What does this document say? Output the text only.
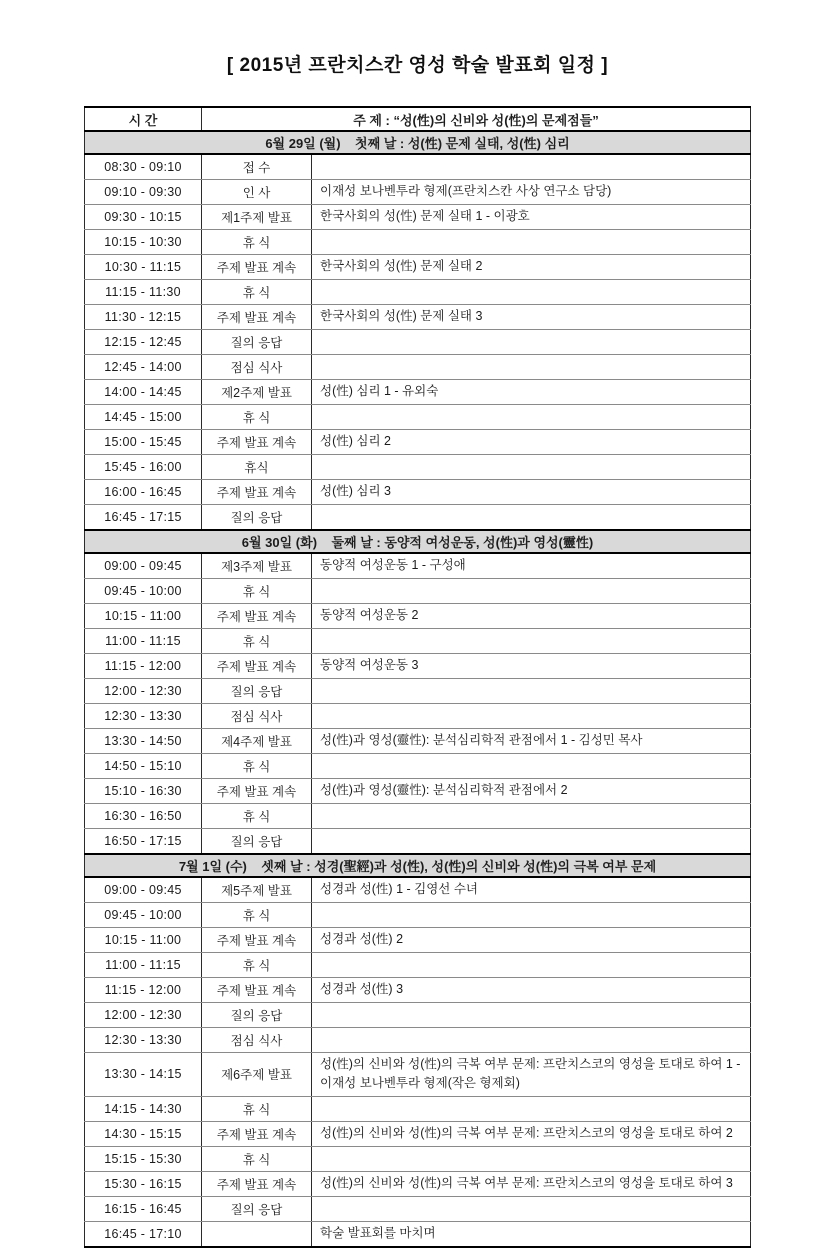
[ 2015년 프란치스칸 영성 학술 발표회 일정 ]
시 간	주 제 : “성(性)의 신비와 성(性)의 문제점들”	
6월 29일 (월)    첫째 날 : 성(性) 문제 실태, 성(性) 심리		
08:30 - 09:10	접 수	
09:10 - 09:30	인 사	이재성 보나벤투라 형제(프란치스칸 사상 연구소 담당)
09:30 - 10:15	제1주제 발표	한국사회의 성(性) 문제 실태 1 - 이광호
10:15 - 10:30	휴 식	
10:30 - 11:15	주제 발표 계속	한국사회의 성(性) 문제 실태 2
11:15 - 11:30	휴 식	
11:30 - 12:15	주제 발표 계속	한국사회의 성(性) 문제 실태 3
12:15 - 12:45	질의 응답	
12:45 - 14:00	점심 식사	
14:00 - 14:45	제2주제 발표	성(性) 심리 1 - 유외숙
14:45 - 15:00	휴 식	
15:00 - 15:45	주제 발표 계속	성(性) 심리 2
15:45 - 16:00	휴식	
16:00 - 16:45	주제 발표 계속	성(性) 심리 3
16:45 - 17:15	질의 응답	
6월 30일 (화)    둘째 날 : 동양적 여성운동, 성(性)과 영성(靈性)		
09:00 - 09:45	제3주제 발표	동양적 여성운동 1 - 구성애
09:45 - 10:00	휴 식	
10:15 - 11:00	주제 발표 계속	동양적 여성운동 2
11:00 - 11:15	휴 식	
11:15 - 12:00	주제 발표 계속	동양적 여성운동 3
12:00 - 12:30	질의 응답	
12:30 - 13:30	점심 식사	
13:30 - 14:50	제4주제 발표	성(性)과 영성(靈性): 분석심리학적 관점에서 1 - 김성민 목사
14:50 - 15:10	휴 식	
15:10 - 16:30	주제 발표 계속	성(性)과 영성(靈性): 분석심리학적 관점에서 2
16:30 - 16:50	휴 식	
16:50 - 17:15	질의 응답	
7월 1일 (수)    셋째 날 : 성경(聖經)과 성(性), 성(性)의 신비와 성(性)의 극복 여부 문제		
09:00 - 09:45	제5주제 발표	성경과 성(性) 1 - 김영선 수녀
09:45 - 10:00	휴 식	
10:15 - 11:00	주제 발표 계속	성경과 성(性) 2
11:00 - 11:15	휴 식	
11:15 - 12:00	주제 발표 계속	성경과 성(性) 3
12:00 - 12:30	질의 응답	
12:30 - 13:30	점심 식사	
13:30 - 14:15	제6주제 발표	성(性)의 신비와 성(性)의 극복 여부 문제: 프란치스코의 영성을 토대로 하여 1 - 이재성 보나벤투라 형제(작은 형제회)
14:15 - 14:30	휴 식	
14:30 - 15:15	주제 발표 계속	성(性)의 신비와 성(性)의 극복 여부 문제: 프란치스코의 영성을 토대로 하여 2
15:15 - 15:30	휴 식	
15:30 - 16:15	주제 발표 계속	성(性)의 신비와 성(性)의 극복 여부 문제: 프란치스코의 영성을 토대로 하여 3
16:15 - 16:45	질의 응답	
16:45 - 17:10		학술 발표회를 마치며
